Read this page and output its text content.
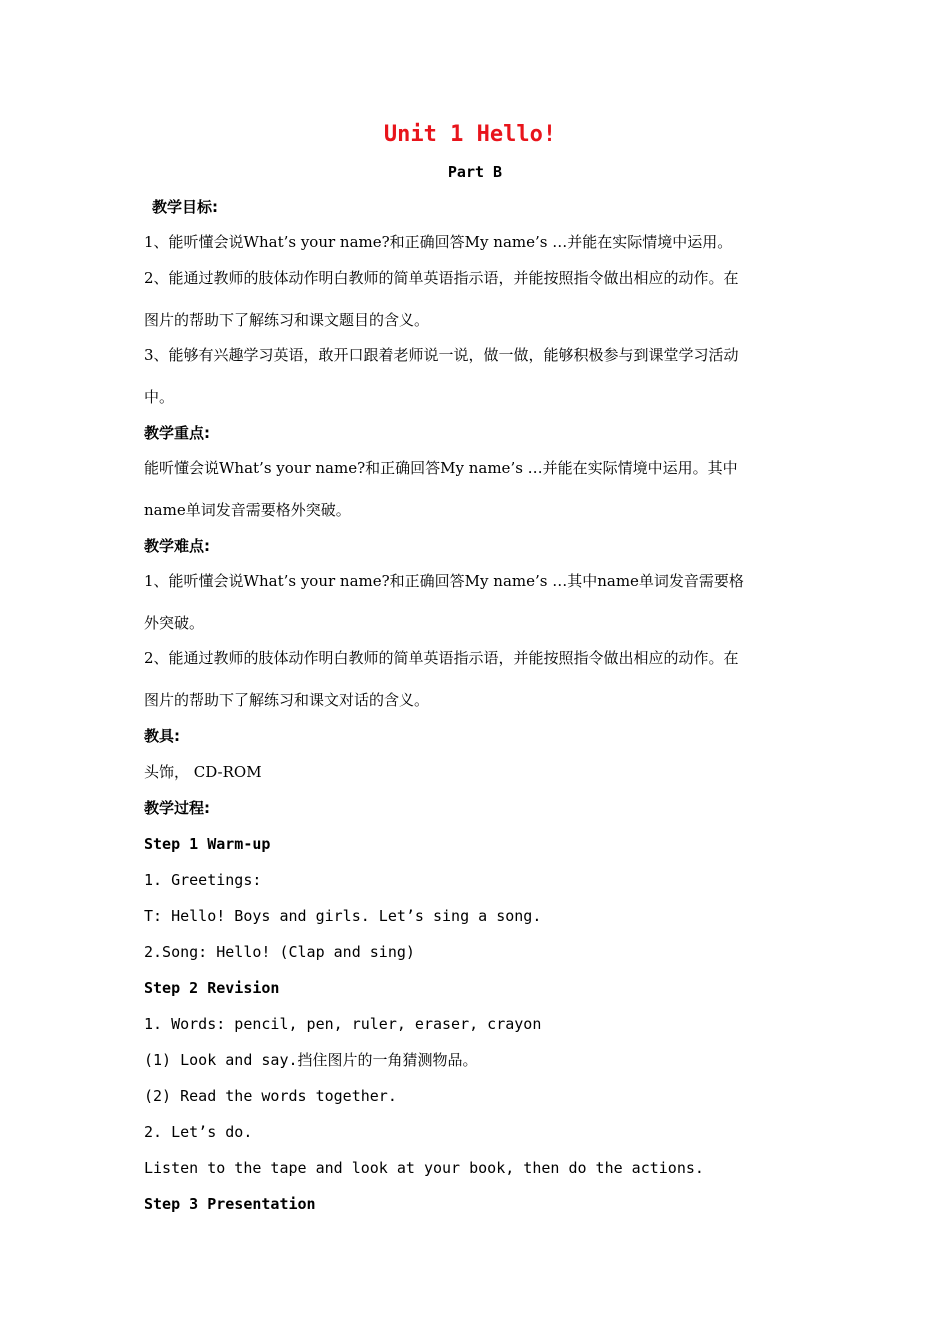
Unit 1 Hello!
Part B
教学目标:
1、能听懂会说What’s your name?和正确回答My name’s …并能在实际情境中运用。
2、能通过教师的肢体动作明白教师的简单英语指示语，并能按照指令做出相应的动作。在
图片的帮助下了解练习和课文题目的含义。
3、能够有兴趣学习英语，敢开口跟着老师说一说，做一做，能够积极参与到课堂学习活动
中。
教学重点:
能听懂会说What’s your name?和正确回答My name’s …并能在实际情境中运用。其中
name单词发音需要格外突破。
教学难点:
1、能听懂会说What’s your name?和正确回答My name’s …其中name单词发音需要格
外突破。
2、能通过教师的肢体动作明白教师的简单英语指示语，并能按照指令做出相应的动作。在
图片的帮助下了解练习和课文对话的含义。
教具:
头饰， CD-ROM
教学过程:
Step 1 Warm-up
1. Greetings:
T: Hello! Boys and girls. Let’s sing a song.
2.Song: Hello! (Clap and sing)
Step 2 Revision
1. Words: pencil, pen, ruler, eraser, crayon
(1) Look and say.挡住图片的一角猜测物品。
(2) Read the words together.
2. Let’s do.
Listen to the tape and look at your book, then do the actions.
Step 3 Presentation
